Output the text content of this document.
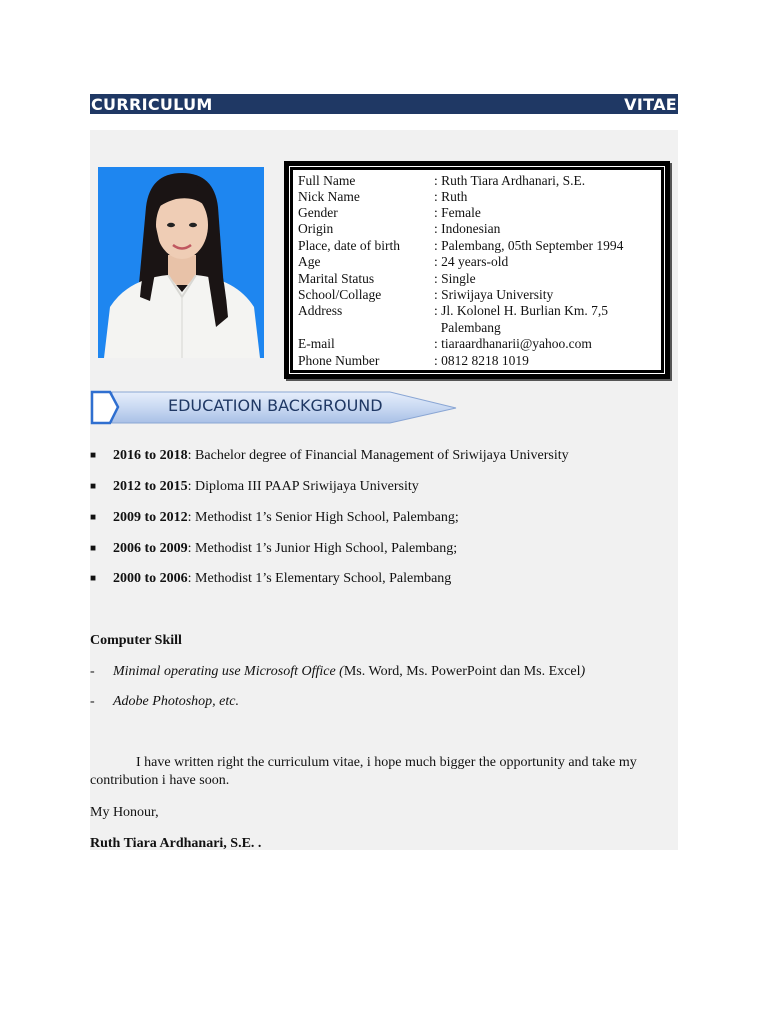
CURRICULUM	VITAE
Full Name	: Ruth Tiara Ardhanari, S.E.
Nick Name	: Ruth
Gender	: Female
Origin	: Indonesian
Place, date of birth	: Palembang, 05th September 1994
Age	: 24 years-old
Marital Status	: Single
School/Collage	: Sriwijaya University
Address	: Jl. Kolonel H. Burlian Km. 7,5
Palembang
E-mail	: tiaraardhanarii@yahoo.com
Phone Number	: 0812 8218 1019
EDUCATION BACKGROUND
■	2016 to 2018 : Bachelor degree of Financial Management of Sriwijaya University
■	2012 to 2015 : Diploma III PAAP Sriwijaya University
■	2009 to 2012 : Methodist 1’s Senior High School, Palembang;
■	2006 to 2009 : Methodist 1’s Junior High School, Palembang;
■	2000 to 2006 : Methodist 1’s Elementary School, Palembang
Computer Skill
-	Minimal operating use Microsoft Office (Ms. Word, Ms. PowerPoint dan Ms. Excel)
-	Adobe Photoshop, etc.
I have written right the curriculum vitae, i hope much bigger the opportunity and take my contribution i have soon.
My Honour,
Ruth Tiara Ardhanari, S.E. .
